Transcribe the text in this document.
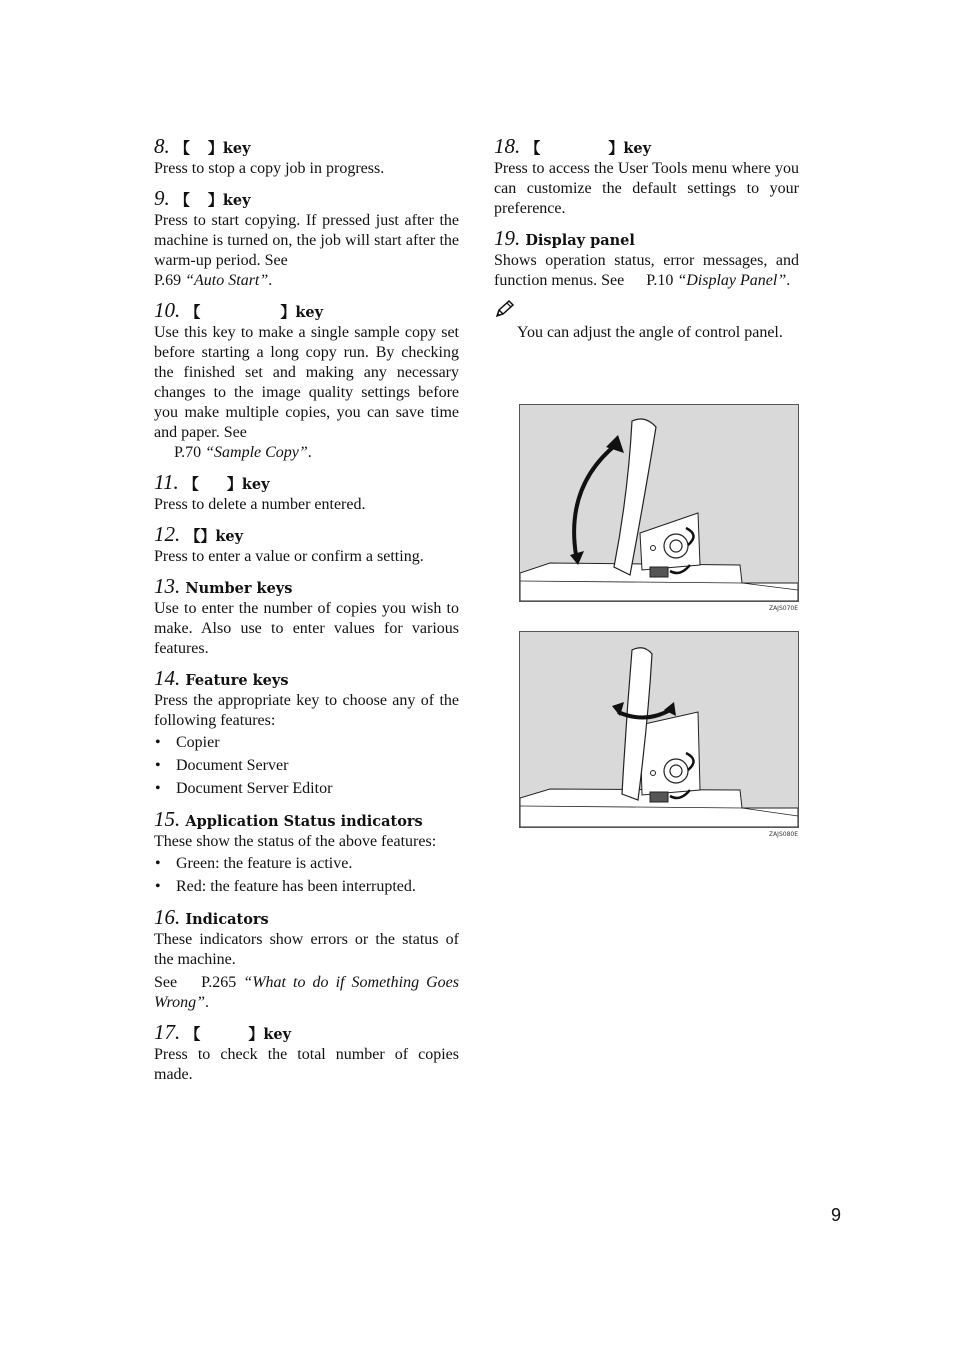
8. 【 】key

Press to stop a copy job in progress.

9. 【 】key

Press to start copying. If pressed just after the machine is turned on, the job will start after the warm-up period. See
P.69 “Auto Start”.

10. 【	】key

Use this key to make a single sample copy set before starting a long copy run. By checking the finished set and making any necessary changes to the image quality settings before you make multiple copies, you can save time and paper. See
P.70 “Sample Copy”.

11. 【 】key

Press to delete a number entered.

12. 【】key

Press to enter a value or confirm a setting.

13. Number keys

Use to enter the number of copies you wish to make. Also use to enter values for various features.

14. Feature keys

Press the appropriate key to choose any of the following features:

• Copier
• Document Server
• Document Server Editor
15. Application Status indicators

These show the status of the above features:

• Green: the feature is active.
• Red: the feature has been interrupted.
16. Indicators

These indicators show errors or the status of the machine.

See P.265 “What to do if Something Goes Wrong”.

17. 【	】key

Press to check the total number of copies made.

18. 【	】key

Press to access the User Tools menu where you can customize the default settings to your preference.

19. Display panel

Shows operation status, error messages, and function menus. See P.10 “Display Panel”.

You can adjust the angle of control panel.

ZAJS070E
ZAJS080E
9
